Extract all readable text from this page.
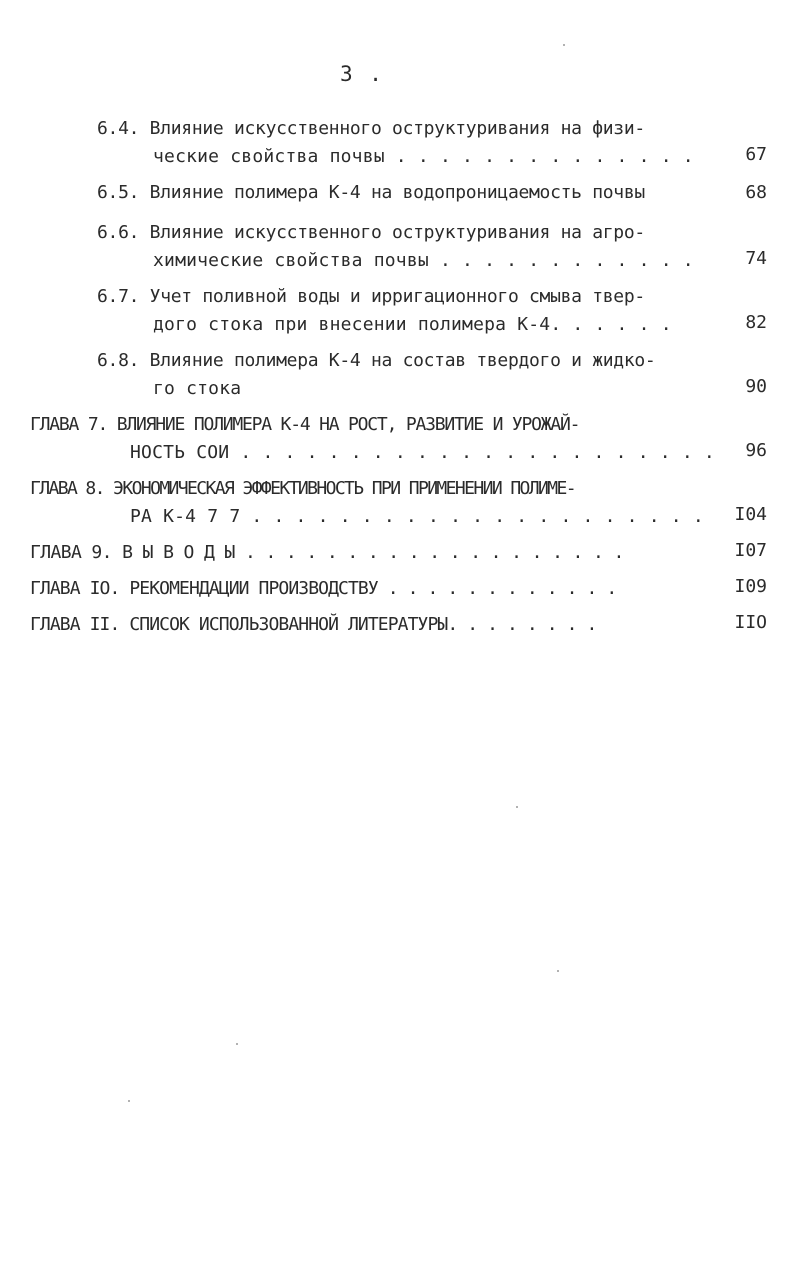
3 .
6.4. Влияние искусственного оструктуривания на физи-
ческие свойства почвы . . . . . . . . . . . . . .	67
6.5. Влияние полимера К-4 на водопроницаемость почвы	68
6.6. Влияние искусственного оструктуривания на агро-
химические свойства почвы . . . . . . . . . . . .	74
6.7. Учет поливной воды и ирригационного смыва твер-
дого стока при внесении полимера К-4. . . . . .	82
6.8. Влияние полимера К-4 на состав твердого и жидко-
го стока	90
ГЛАВА 7. ВЛИЯНИЕ ПОЛИМЕРА К-4 НА РОСТ, РАЗВИТИЕ И УРОЖАЙ-
НОСТЬ СОИ . . . . . . . . . . . . . . . . . . . . . .	96
ГЛАВА 8. ЭКОНОМИЧЕСКАЯ ЭФФЕКТИВНОСТЬ ПРИ ПРИМЕНЕНИИ ПОЛИМЕ-
РА К-4 7 7 . . . . . . . . . . . . . . . . . . . . .	I04
ГЛАВА 9. В Ы В О Д Ы . . . . . . . . . . . . . . . . . . .	I07
ГЛАВА IO. РЕКОМЕНДАЦИИ ПРОИЗВОДСТВУ . . . . . . . . . . . .	I09
ГЛАВА II. СПИСОК ИСПОЛЬЗОВАННОЙ ЛИТЕРАТУРЫ. . . . . . . .	IIO
